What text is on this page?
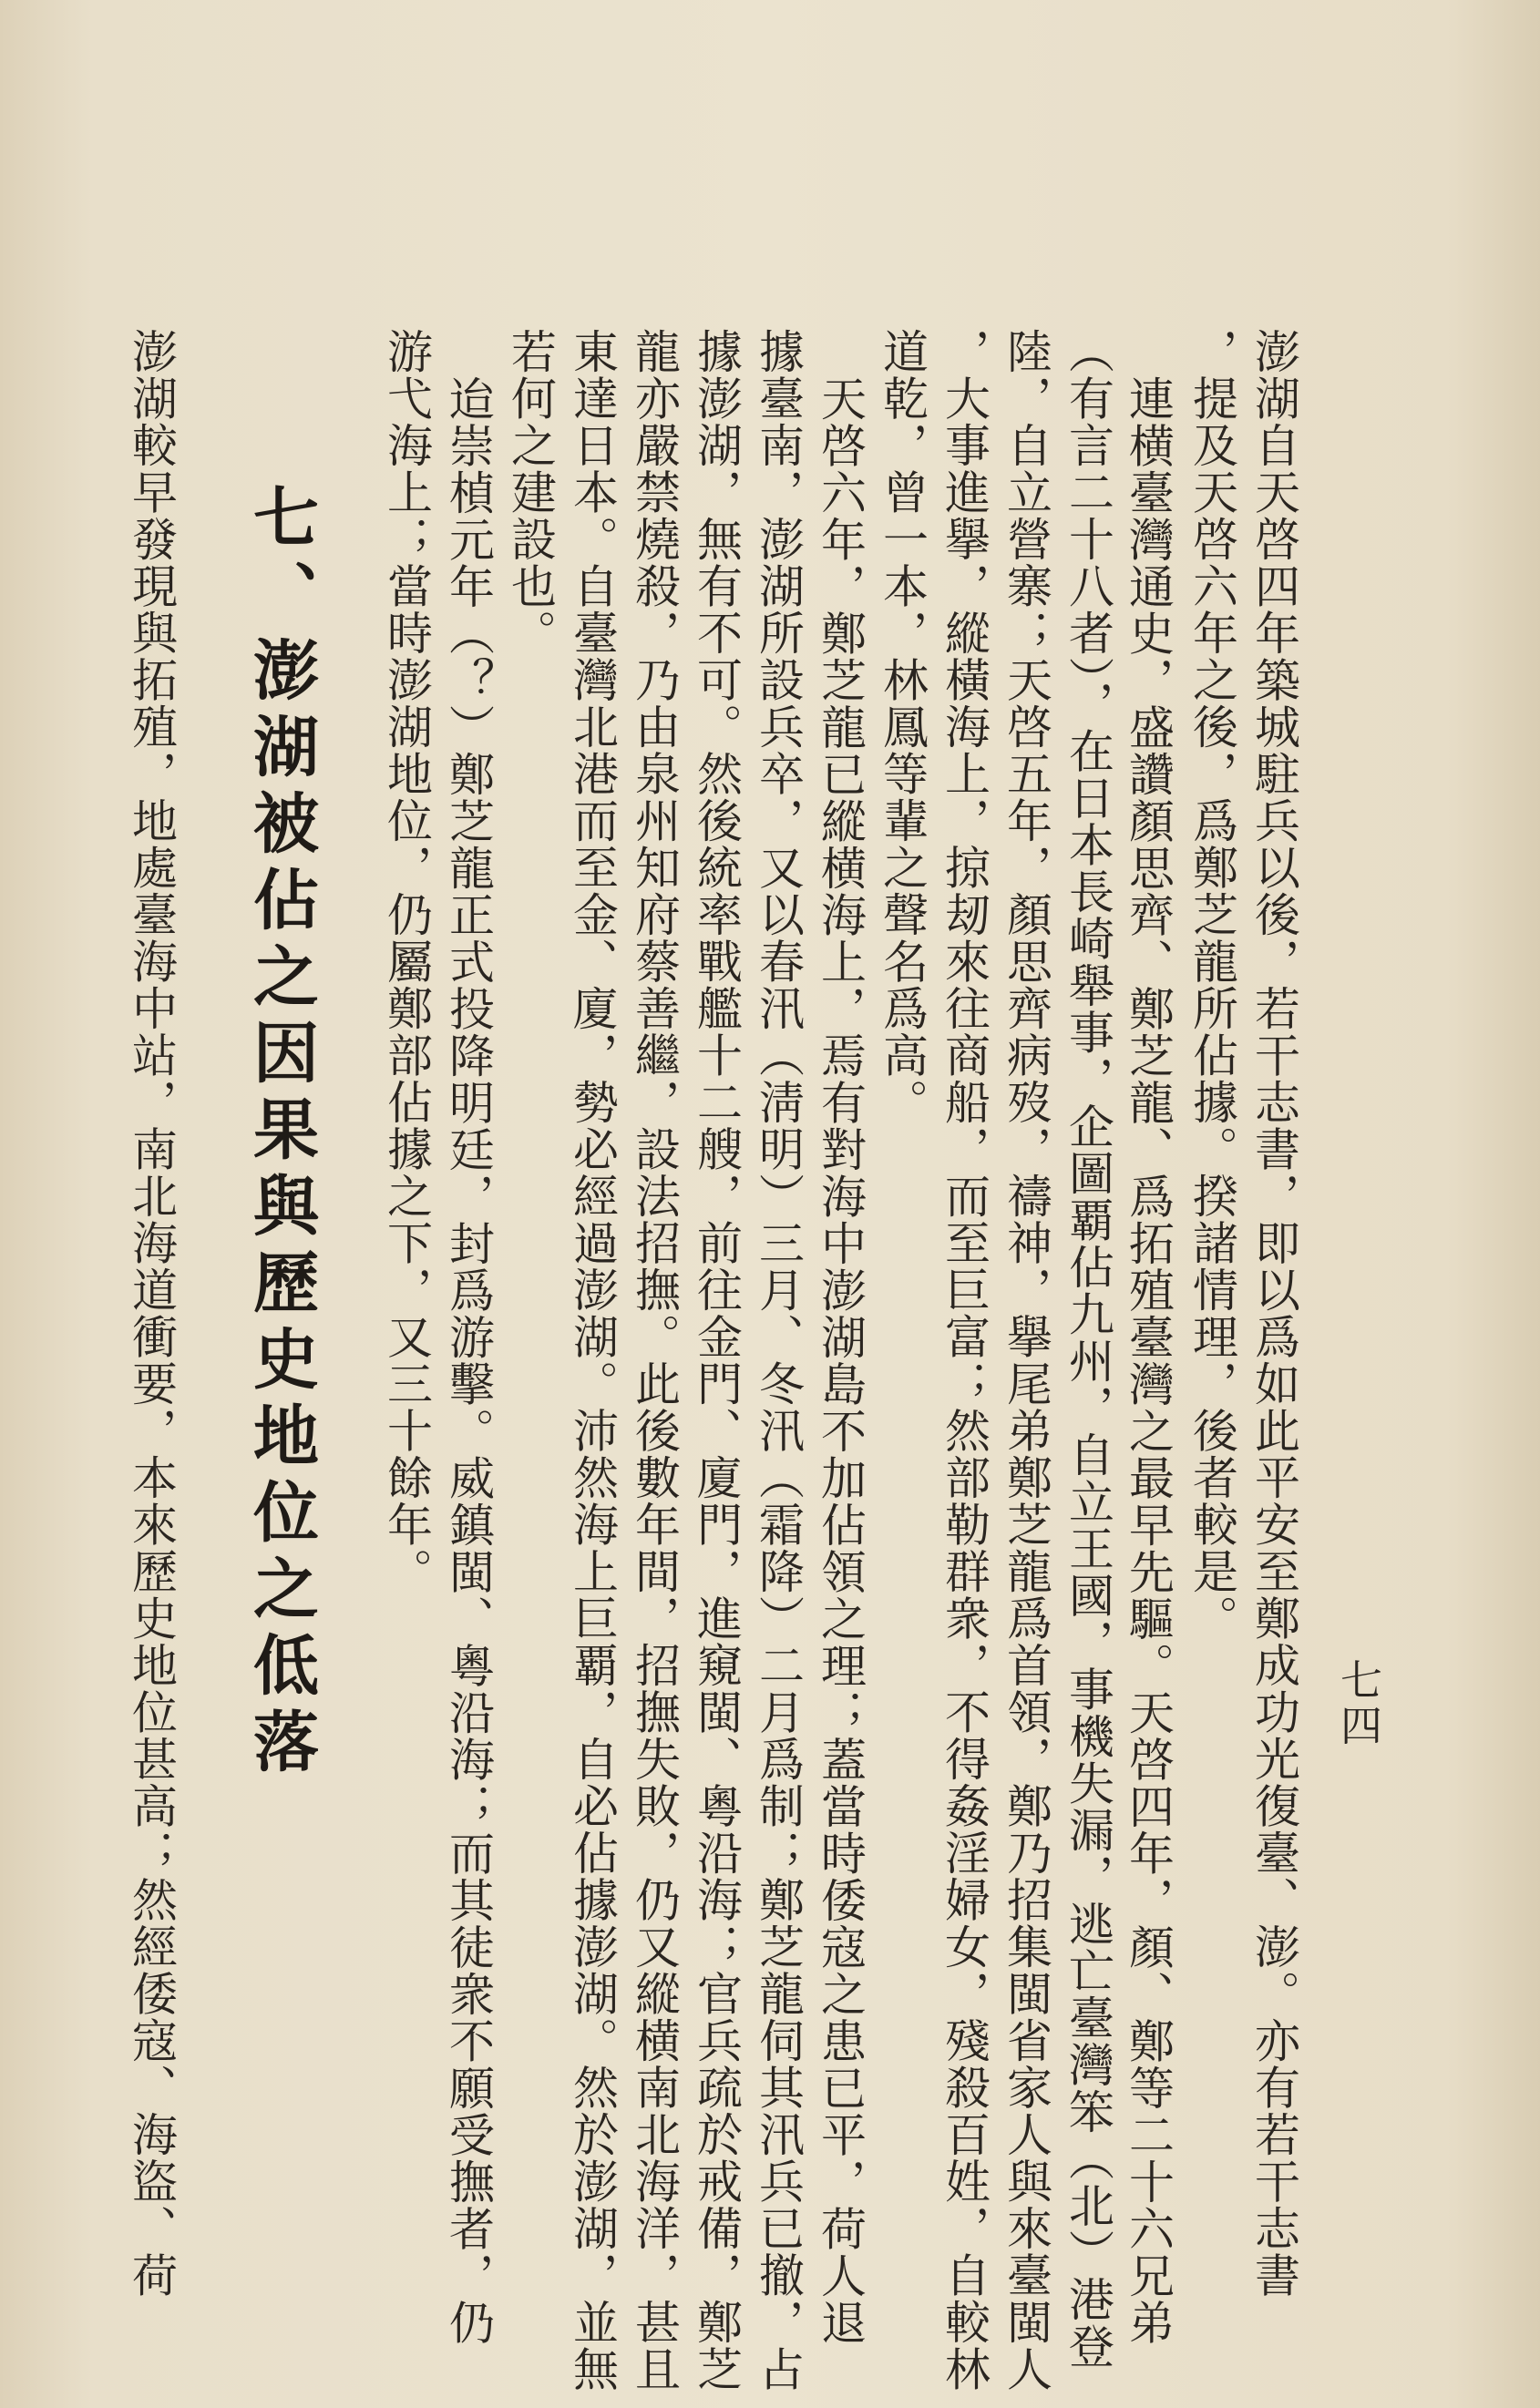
七四

澎湖自天啓四年築城駐兵以後，若干志書，即以爲如此平安至鄭成功光復臺、澎。亦有若干志書

，提及天啓六年之後，爲鄭芝龍所佔據。揆諸情理，後者較是。

連横臺灣通史，盛讚顏思齊、鄭芝龍、爲拓殖臺灣之最早先驅。天啓四年，顏、鄭等二十六兄弟

（有言二十八者），在日本長崎舉事，企圖覇佔九州，自立王國，事機失漏，逃亡臺灣笨（北）港登

陸，自立營寨；天啓五年，顏思齊病歿，禱神，擧尾弟鄭芝龍爲首領，鄭乃招集閩省家人與來臺閩人

，大事進擧，縱橫海上，掠刼來往商船，而至巨富；然部勒群衆，不得姦淫婦女，殘殺百姓，自較林

道乾，曾一本，林鳳等輩之聲名爲高。

天啓六年，鄭芝龍已縱横海上，焉有對海中澎湖島不加佔領之理；蓋當時倭寇之患已平，荷人退

據臺南，澎湖所設兵卒，又以春汛（淸明）三月、冬汛（霜降）二月爲制；鄭芝龍伺其汛兵已撤，占

據澎湖，無有不可。然後統率戰艦十二艘，前往金門、廈門，進窺閩、粵沿海；官兵疏於戒備，鄭芝

龍亦嚴禁燒殺，乃由泉州知府蔡善繼，設法招撫。此後數年間，招撫失敗，仍又縱横南北海洋，甚且

東達日本。自臺灣北港而至金、廈，勢必經過澎湖。沛然海上巨覇，自必佔據澎湖。然於澎湖，並無

若何之建設也。

迨崇楨元年（？）鄭芝龍正式投降明廷，封爲游擊。威鎮閩、粵沿海；而其徒衆不願受撫者，仍

游弋海上；當時澎湖地位，仍屬鄭部佔據之下，又三十餘年。

七、澎湖被佔之因果與歷史地位之低落

澎湖較早發現與拓殖，地處臺海中站，南北海道衝要，本來歷史地位甚高；然經倭寇、海盜、荷
